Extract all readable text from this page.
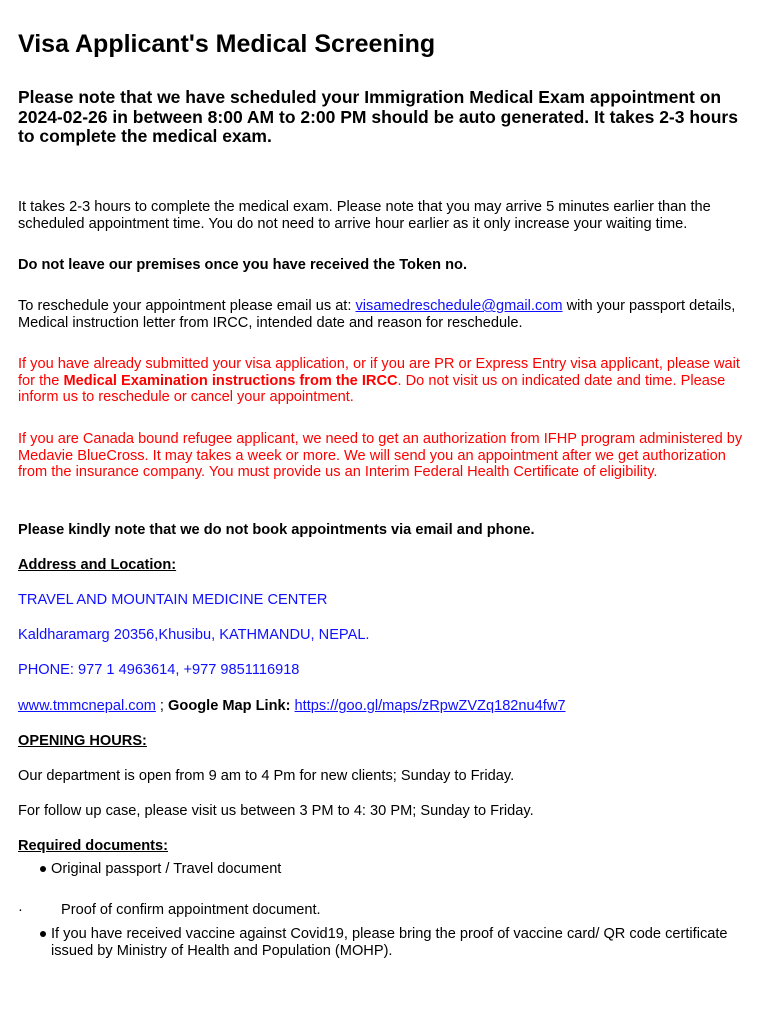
Visa Applicant's Medical Screening

Please note that we have scheduled your Immigration Medical Exam appointment on 2024-02-26 in between 8:00 AM to 2:00 PM should be auto generated. It takes 2-3 hours to complete the medical exam.

It takes 2-3 hours to complete the medical exam. Please note that you may arrive 5 minutes earlier than the scheduled appointment time. You do not need to arrive hour earlier as it only increase your waiting time.

Do not leave our premises once you have received the Token no.

To reschedule your appointment please email us at: visamedreschedule@gmail.com with your passport details, Medical instruction letter from IRCC, intended date and reason for reschedule.

If you have already submitted your visa application, or if you are PR or Express Entry visa applicant, please wait for the Medical Examination instructions from the IRCC. Do not visit us on indicated date and time. Please inform us to reschedule or cancel your appointment.

If you are Canada bound refugee applicant, we need to get an authorization from IFHP program administered by Medavie BlueCross. It may takes a week or more. We will send you an appointment after we get authorization from the insurance company. You must provide us an Interim Federal Health Certificate of eligibility.

Please kindly note that we do not book appointments via email and phone.

Address and Location:

TRAVEL AND MOUNTAIN MEDICINE CENTER

Kaldharamarg 20356,Khusibu, KATHMANDU, NEPAL.

PHONE: 977 1 4963614, +977 9851116918

www.tmmcnepal.com ; Google Map Link: https://goo.gl/maps/zRpwZVZq182nu4fw7

OPENING HOURS:

Our department is open from 9 am to 4 Pm for new clients; Sunday to Friday.

For follow up case, please visit us between 3 PM to 4: 30 PM; Sunday to Friday.

Required documents:

Original passport / Travel document
·	Proof of confirm appointment document.
If you have received vaccine against Covid19, please bring the proof of vaccine card/ QR code certificate issued by Ministry of Health and Population (MOHP).
